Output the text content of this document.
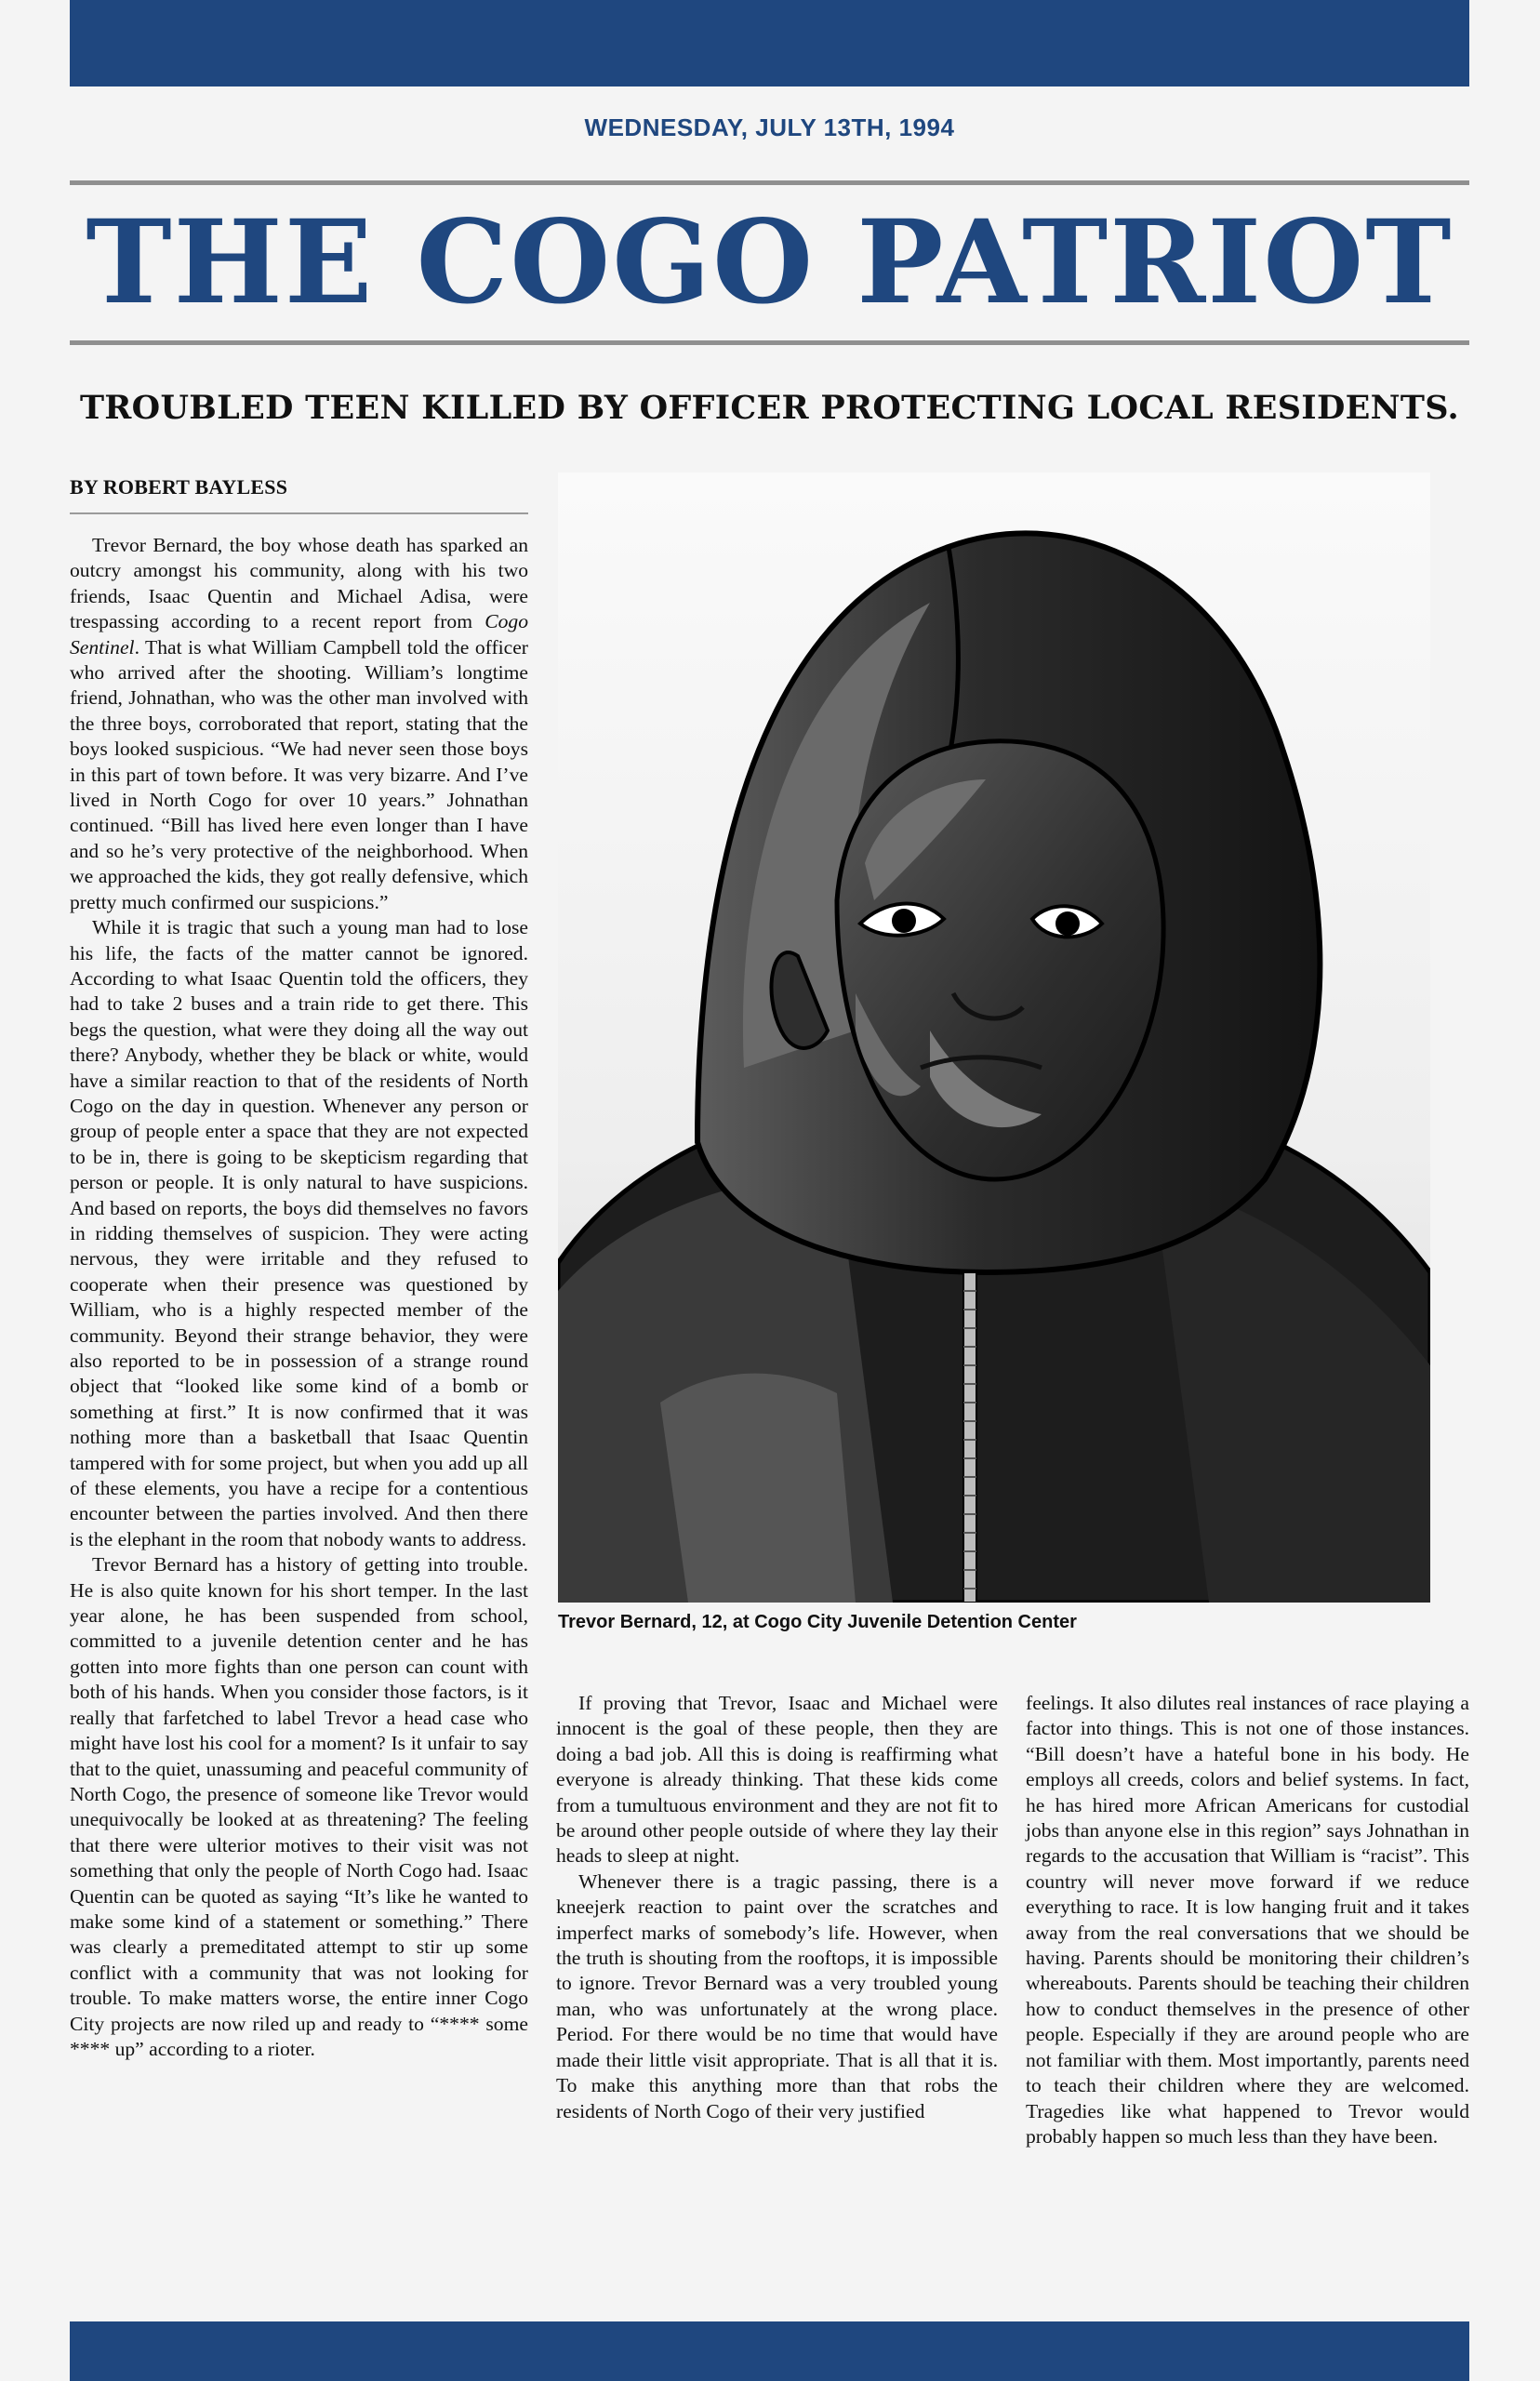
WEDNESDAY, JULY 13TH, 1994
THE COGO PATRIOT
TROUBLED TEEN KILLED BY OFFICER PROTECTING LOCAL RESIDENTS.
BY ROBERT BAYLESS

Trevor Bernard, the boy whose death has sparked an outcry amongst his community, along with his two friends, Isaac Quentin and Michael Adisa, were trespassing according to a recent report from Cogo Sentinel. That is what William Campbell told the officer who arrived after the shooting. William’s longtime friend, Johnathan, who was the other man involved with the three boys, corroborated that report, stating that the boys looked suspicious. “We had never seen those boys in this part of town before. It was very bizarre. And I’ve lived in North Cogo for over 10 years.” Johnathan continued. “Bill has lived here even longer than I have and so he’s very protective of the neighborhood. When we approached the kids, they got really defensive, which pretty much confirmed our suspicions.”

While it is tragic that such a young man had to lose his life, the facts of the matter cannot be ignored. According to what Isaac Quentin told the officers, they had to take 2 buses and a train ride to get there. This begs the question, what were they doing all the way out there? Anybody, whether they be black or white, would have a similar reaction to that of the residents of North Cogo on the day in question. Whenever any person or group of people enter a space that they are not expected to be in, there is going to be skepticism regarding that person or people. It is only natural to have suspicions. And based on reports, the boys did themselves no favors in ridding themselves of suspicion. They were acting nervous, they were irritable and they refused to cooperate when their presence was questioned by William, who is a highly respected member of the community. Beyond their strange behavior, they were also reported to be in possession of a strange round object that “looked like some kind of a bomb or something at first.” It is now confirmed that it was nothing more than a basketball that Isaac Quentin tampered with for some project, but when you add up all of these elements, you have a recipe for a contentious encounter between the parties involved. And then there is the elephant in the room that nobody wants to address.

Trevor Bernard has a history of getting into trouble. He is also quite known for his short temper. In the last year alone, he has been suspended from school, committed to a juvenile detention center and he has gotten into more fights than one person can count with both of his hands. When you consider those factors, is it really that farfetched to label Trevor a head case who might have lost his cool for a moment? Is it unfair to say that to the quiet, unassuming and peaceful community of North Cogo, the presence of someone like Trevor would unequivocally be looked at as threatening? The feeling that there were ulterior motives to their visit was not something that only the people of North Cogo had. Isaac Quentin can be quoted as saying “It’s like he wanted to make some kind of a statement or something.” There was clearly a premeditated attempt to stir up some conflict with a community that was not looking for trouble. To make matters worse, the entire inner Cogo City projects are now riled up and ready to “**** some **** up” according to a rioter.

Trevor Bernard, 12, at Cogo City Juvenile Detention Center

If proving that Trevor, Isaac and Michael were innocent is the goal of these people, then they are doing a bad job. All this is doing is reaffirming what everyone is already thinking. That these kids come from a tumultuous environment and they are not fit to be around other people outside of where they lay their heads to sleep at night.

Whenever there is a tragic passing, there is a kneejerk reaction to paint over the scratches and imperfect marks of somebody’s life. However, when the truth is shouting from the rooftops, it is impossible to ignore. Trevor Bernard was a very troubled young man, who was unfortunately at the wrong place. Period. For there would be no time that would have made their little visit appropriate. That is all that it is. To make this anything more than that robs the residents of North Cogo of their very justified

feelings. It also dilutes real instances of race playing a factor into things. This is not one of those instances. “Bill doesn’t have a hateful bone in his body. He employs all creeds, colors and belief systems. In fact, he has hired more African Americans for custodial jobs than anyone else in this region” says Johnathan in regards to the accusation that William is “racist”. This country will never move forward if we reduce everything to race. It is low hanging fruit and it takes away from the real conversations that we should be having. Parents should be monitoring their children’s whereabouts. Parents should be teaching their children how to conduct themselves in the presence of other people. Especially if they are around people who are not familiar with them. Most importantly, parents need to teach their children where they are welcomed. Tragedies like what happened to Trevor would probably happen so much less than they have been.
